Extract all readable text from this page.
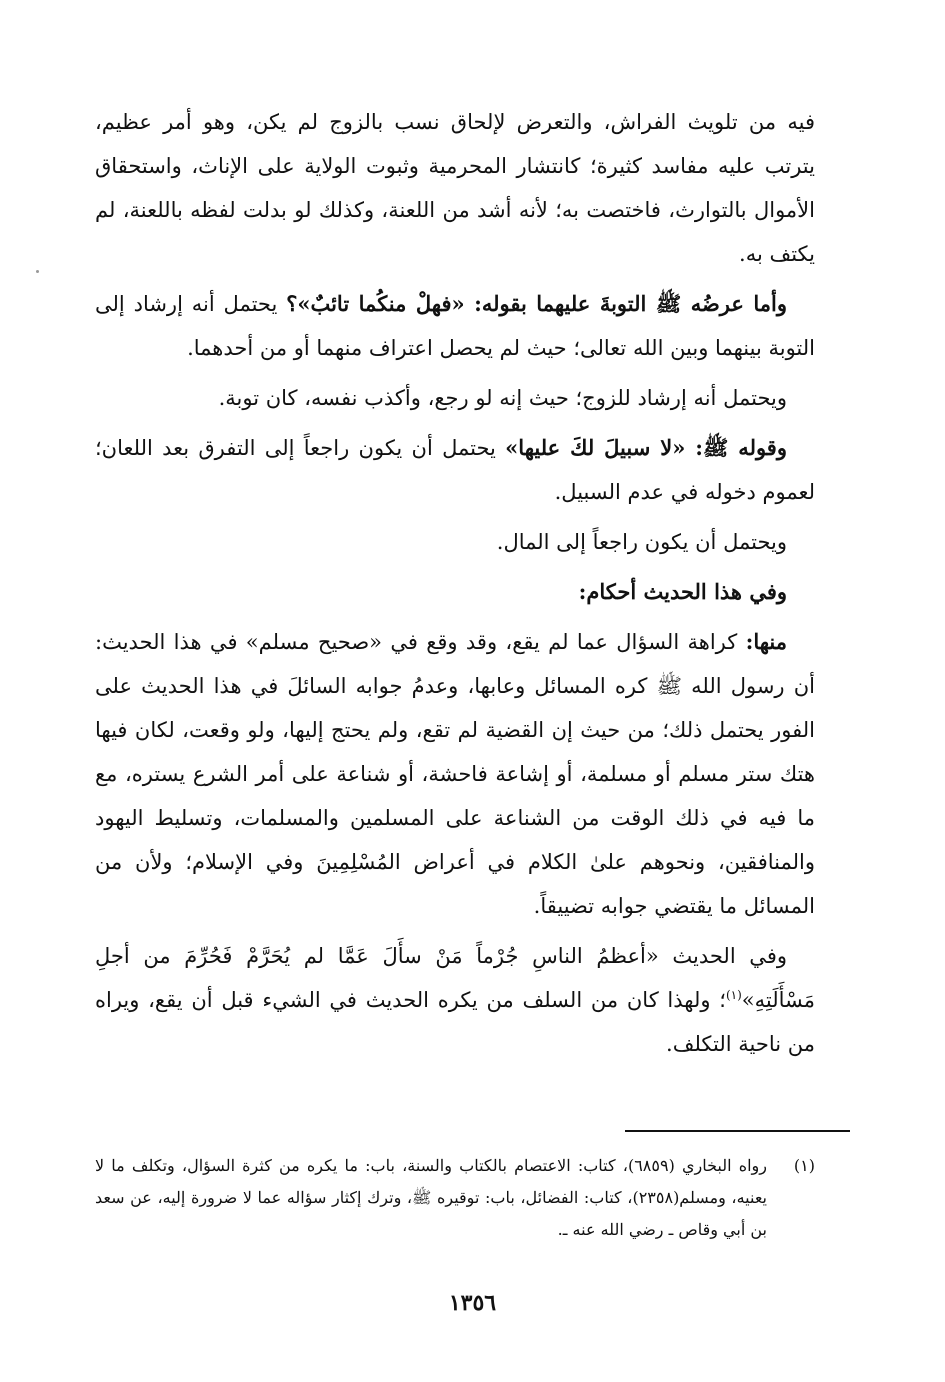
فيه من تلويث الفراش، والتعرض لإلحاق نسب بالزوج لم يكن، وهو أمر عظيم، يترتب عليه مفاسد كثيرة؛ كانتشار المحرمية وثبوت الولاية على الإناث، واستحقاق الأموال بالتوارث، فاختصت به؛ لأنه أشد من اللعنة، وكذلك لو بدلت لفظه باللعنة، لم يكتف به.

وأما عرضُه ﷺ التوبةَ عليهما بقوله: «فهلْ منكُما تائبٌ»؟ يحتمل أنه إرشاد إلى التوبة بينهما وبين الله تعالى؛ حيث لم يحصل اعتراف منهما أو من أحدهما.

ويحتمل أنه إرشاد للزوج؛ حيث إنه لو رجع، وأكذب نفسه، كان توبة.

وقوله ﷺ: «لا سبيلَ لكَ عليها» يحتمل أن يكون راجعاً إلى التفرق بعد اللعان؛ لعموم دخوله في عدم السبيل.

ويحتمل أن يكون راجعاً إلى المال.

وفي هذا الحديث أحكام:

منها: كراهة السؤال عما لم يقع، وقد وقع في «صحيح مسلم» في هذا الحديث: أن رسول الله ﷺ كره المسائل وعابها، وعدمُ جوابه السائلَ في هذا الحديث على الفور يحتمل ذلك؛ من حيث إن القضية لم تقع، ولم يحتج إليها، ولو وقعت، لكان فيها هتك ستر مسلم أو مسلمة، أو إشاعة فاحشة، أو شناعة على أمر الشرع يستره، مع ما فيه في ذلك الوقت من الشناعة على المسلمين والمسلمات، وتسليط اليهود والمنافقين، ونحوهم علىٰ الكلام في أعراض المُسْلِمِينَ وفي الإسلام؛ ولأن من المسائل ما يقتضي جوابه تضييقاً.

وفي الحديث «أعظمُ الناسِ جُرْماً مَنْ سأَلَ عَمَّا لم يُحَرَّمْ فَحُرِّمَ من أجلِ مَسْأَلَتِهِ»$^{(١)}$؛ ولهذا كان من السلف من يكره الحديث في الشيء قبل أن يقع، ويراه من ناحية التكلف.

(١)
رواه البخاري (٦٨٥٩)، كتاب: الاعتصام بالكتاب والسنة، باب: ما يكره من كثرة السؤال، وتكلف ما لا يعنيه، ومسلم(٢٣٥٨)، كتاب: الفضائل، باب: توقيره ﷺ، وترك إكثار سؤاله عما لا ضرورة إليه، عن سعد بن أبي وقاص ـ رضي الله عنه ـ.
١٣٥٦
